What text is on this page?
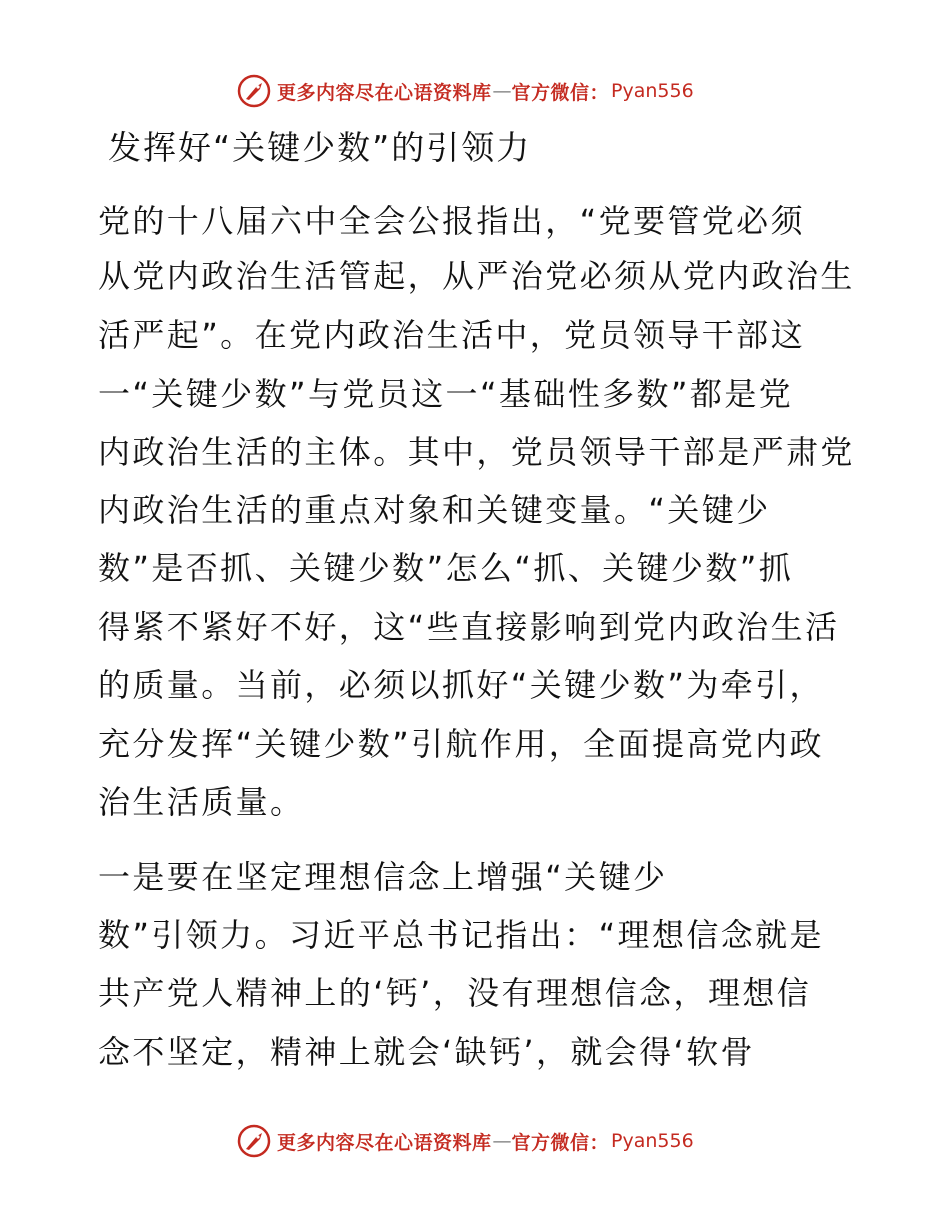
更多内容尽在心语资料库 — 官方微信： Pyan556
发挥好“关键少数”的引领力
党的十八届六中全会公报指出，“党要管党必须
从党内政治生活管起，从严治党必须从党内政治生
活严起”。在党内政治生活中，党员领导干部这
一“关键少数”与党员这一“基础性多数”都是党
内政治生活的主体。其中，党员领导干部是严肃党
内政治生活的重点对象和关键变量。“关键少
数”是否抓、关键少数”怎么“抓、关键少数”抓
得紧不紧好不好，这“些直接影响到党内政治生活
的质量。当前，必须以抓好“关键少数”为牵引，
充分发挥“关键少数”引航作用，全面提高党内政
治生活质量。
一是要在坚定理想信念上增强“关键少
数”引领力。习近平总书记指出：“理想信念就是
共产党人精神上的‘钙’，没有理想信念，理想信
念不坚定，精神上就会‘缺钙’，就会得‘软骨
更多内容尽在心语资料库 — 官方微信： Pyan556
